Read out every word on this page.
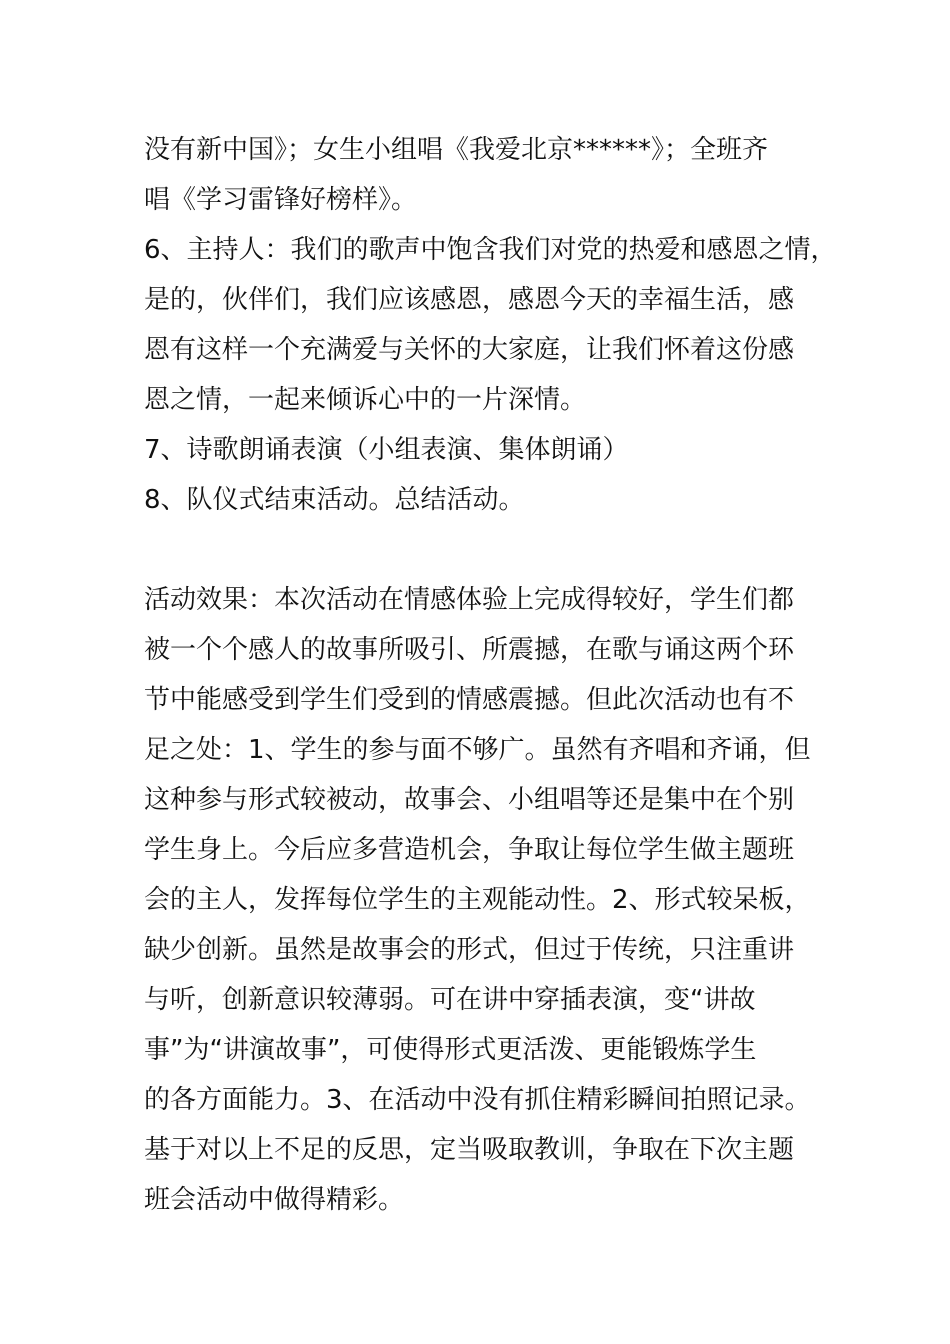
没有新中国》；女生小组唱《我爱北京******》；全班齐
唱《学习雷锋好榜样》。
6、主持人：我们的歌声中饱含我们对党的热爱和感恩之情，
是的，伙伴们，我们应该感恩，感恩今天的幸福生活，感
恩有这样一个充满爱与关怀的大家庭，让我们怀着这份感
恩之情，一起来倾诉心中的一片深情。
7、诗歌朗诵表演（小组表演、集体朗诵）
8、队仪式结束活动。总结活动。
活动效果：本次活动在情感体验上完成得较好，学生们都
被一个个感人的故事所吸引、所震撼，在歌与诵这两个环
节中能感受到学生们受到的情感震撼。但此次活动也有不
足之处：1、学生的参与面不够广。虽然有齐唱和齐诵，但
这种参与形式较被动，故事会、小组唱等还是集中在个别
学生身上。今后应多营造机会，争取让每位学生做主题班
会的主人，发挥每位学生的主观能动性。2、形式较呆板，
缺少创新。虽然是故事会的形式，但过于传统，只注重讲
与听，创新意识较薄弱。可在讲中穿插表演，变“讲故
事”为“讲演故事”，可使得形式更活泼、更能锻炼学生
的各方面能力。3、在活动中没有抓住精彩瞬间拍照记录。
基于对以上不足的反思，定当吸取教训，争取在下次主题
班会活动中做得精彩。
